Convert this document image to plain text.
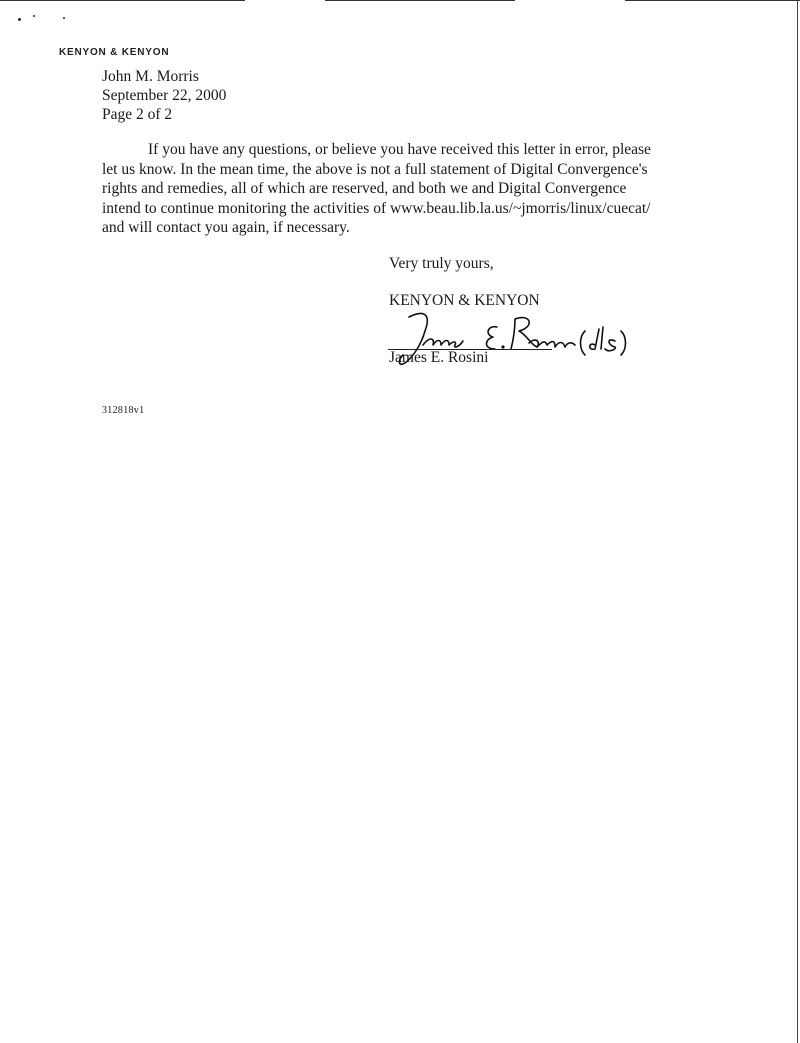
KENYON & KENYON
John M. Morris
September 22, 2000
Page 2 of 2
If you have any questions, or believe you have received this letter in error, please
let us know. In the mean time, the above is not a full statement of Digital Convergence's
rights and remedies, all of which are reserved, and both we and Digital Convergence
intend to continue monitoring the activities of www.beau.lib.la.us/~jmorris/linux/cuecat/
and will contact you again, if necessary.
Very truly yours,
KENYON & KENYON
James E. Rosini
312818v1
